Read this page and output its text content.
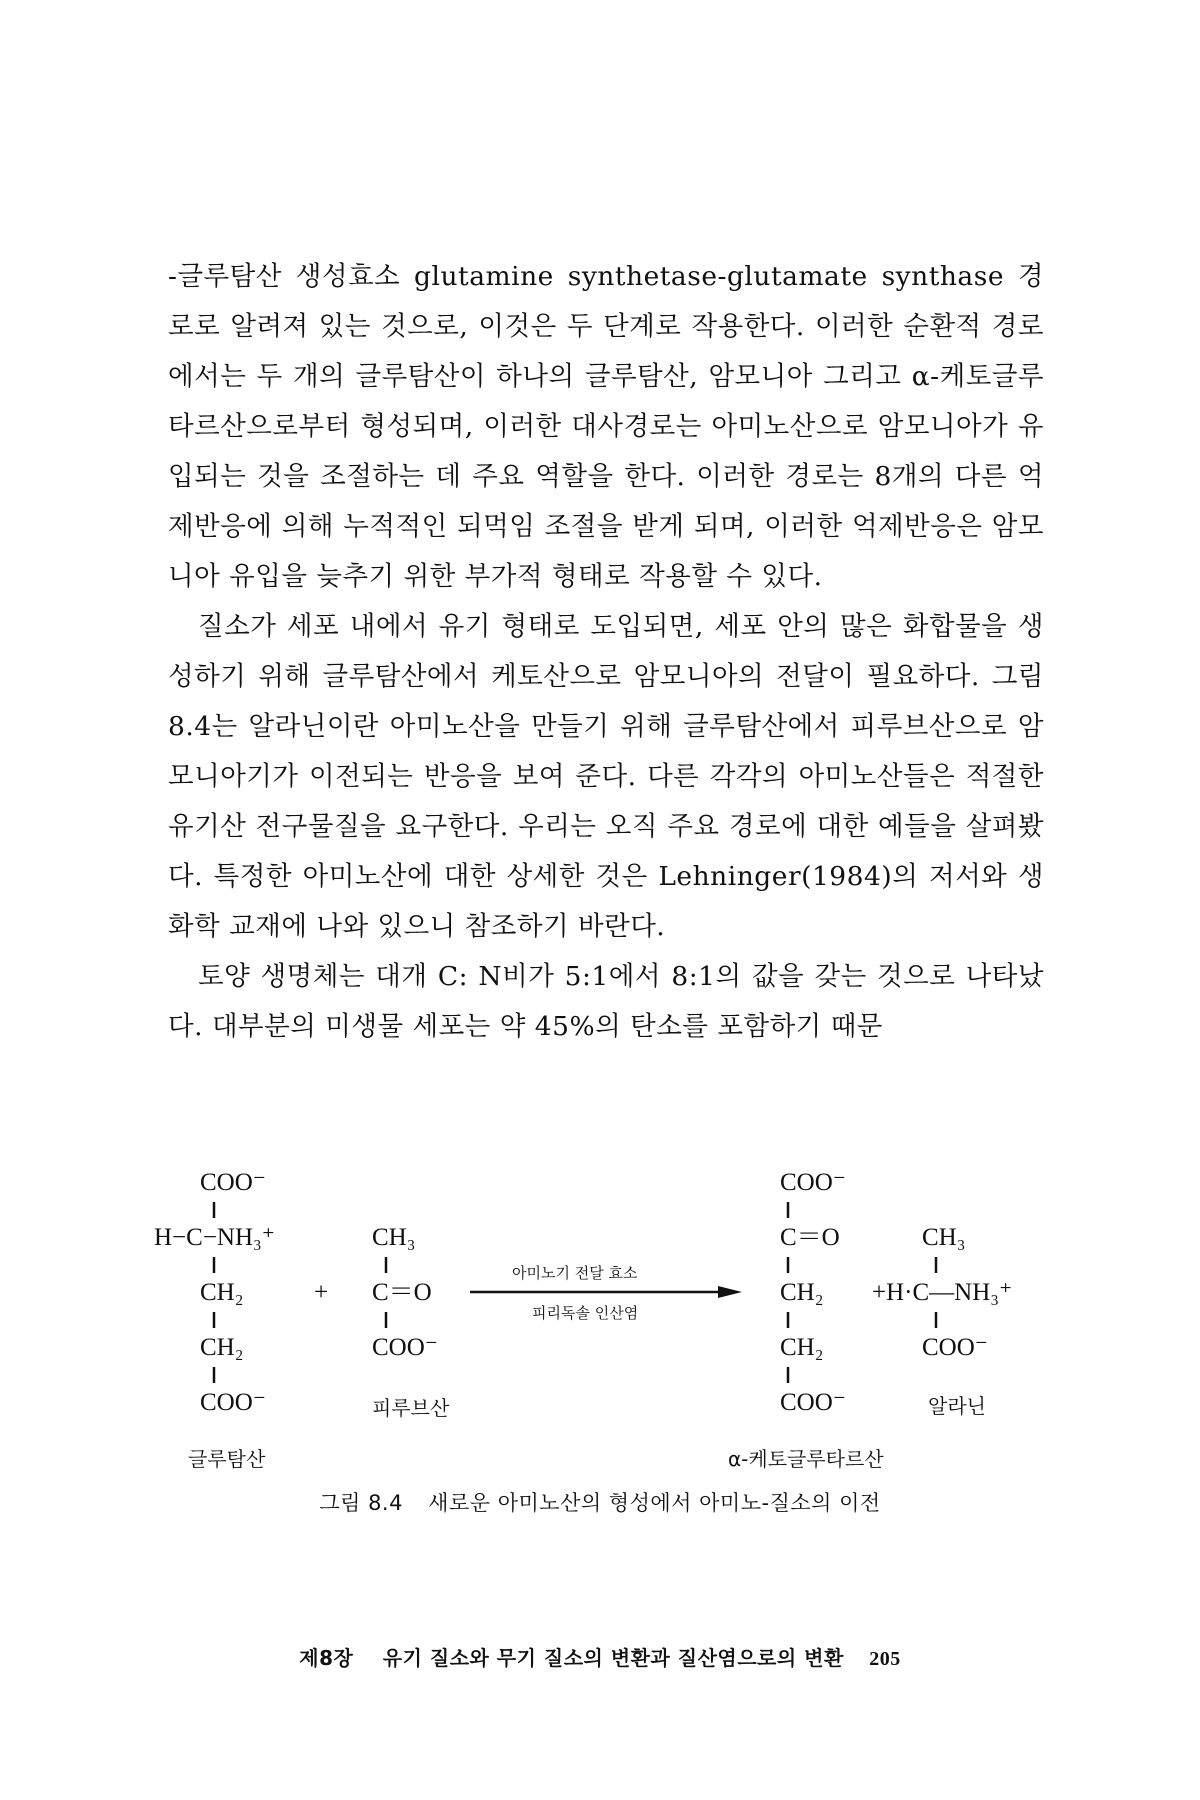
-글루탐산 생성효소 glutamine synthetase-glutamate synthase 경로로 알려져 있는 것으로, 이것은 두 단계로 작용한다. 이러한 순환적 경로에서는 두 개의 글루탐산이 하나의 글루탐산, 암모니아 그리고 α-케토글루타르산으로부터 형성되며, 이러한 대사경로는 아미노산으로 암모니아가 유입되는 것을 조절하는 데 주요 역할을 한다. 이러한 경로는 8개의 다른 억제반응에 의해 누적적인 되먹임 조절을 받게 되며, 이러한 억제반응은 암모니아 유입을 늦추기 위한 부가적 형태로 작용할 수 있다.

질소가 세포 내에서 유기 형태로 도입되면, 세포 안의 많은 화합물을 생성하기 위해 글루탐산에서 케토산으로 암모니아의 전달이 필요하다. 그림 8.4는 알라닌이란 아미노산을 만들기 위해 글루탐산에서 피루브산으로 암모니아기가 이전되는 반응을 보여 준다. 다른 각각의 아미노산들은 적절한 유기산 전구물질을 요구한다. 우리는 오직 주요 경로에 대한 예들을 살펴봤다. 특정한 아미노산에 대한 상세한 것은 Lehninger(1984)의 저서와 생화학 교재에 나와 있으니 참조하기 바란다.

토양 생명체는 대개 C: N비가 5:1에서 8:1의 값을 갖는 것으로 나타났다. 대부분의 미생물 세포는 약 45%의 탄소를 포함하기 때문

COO⁻
H−C−NH₃⁺
CH₂
CH₂
COO⁻
글루탐산
+
CH₃
C＝O
COO⁻
피루브산
아미노기 전달 효소
피리독솔 인산염
COO⁻
C＝O
CH₂
CH₂
COO⁻
α-케토글루타르산
CH₃
+H·C—NH₃⁺
COO⁻
알라닌
그림 8.4 새로운 아미노산의 형성에서 아미노-질소의 이전
제8장 유기 질소와 무기 질소의 변환과 질산염으로의 변환 205
